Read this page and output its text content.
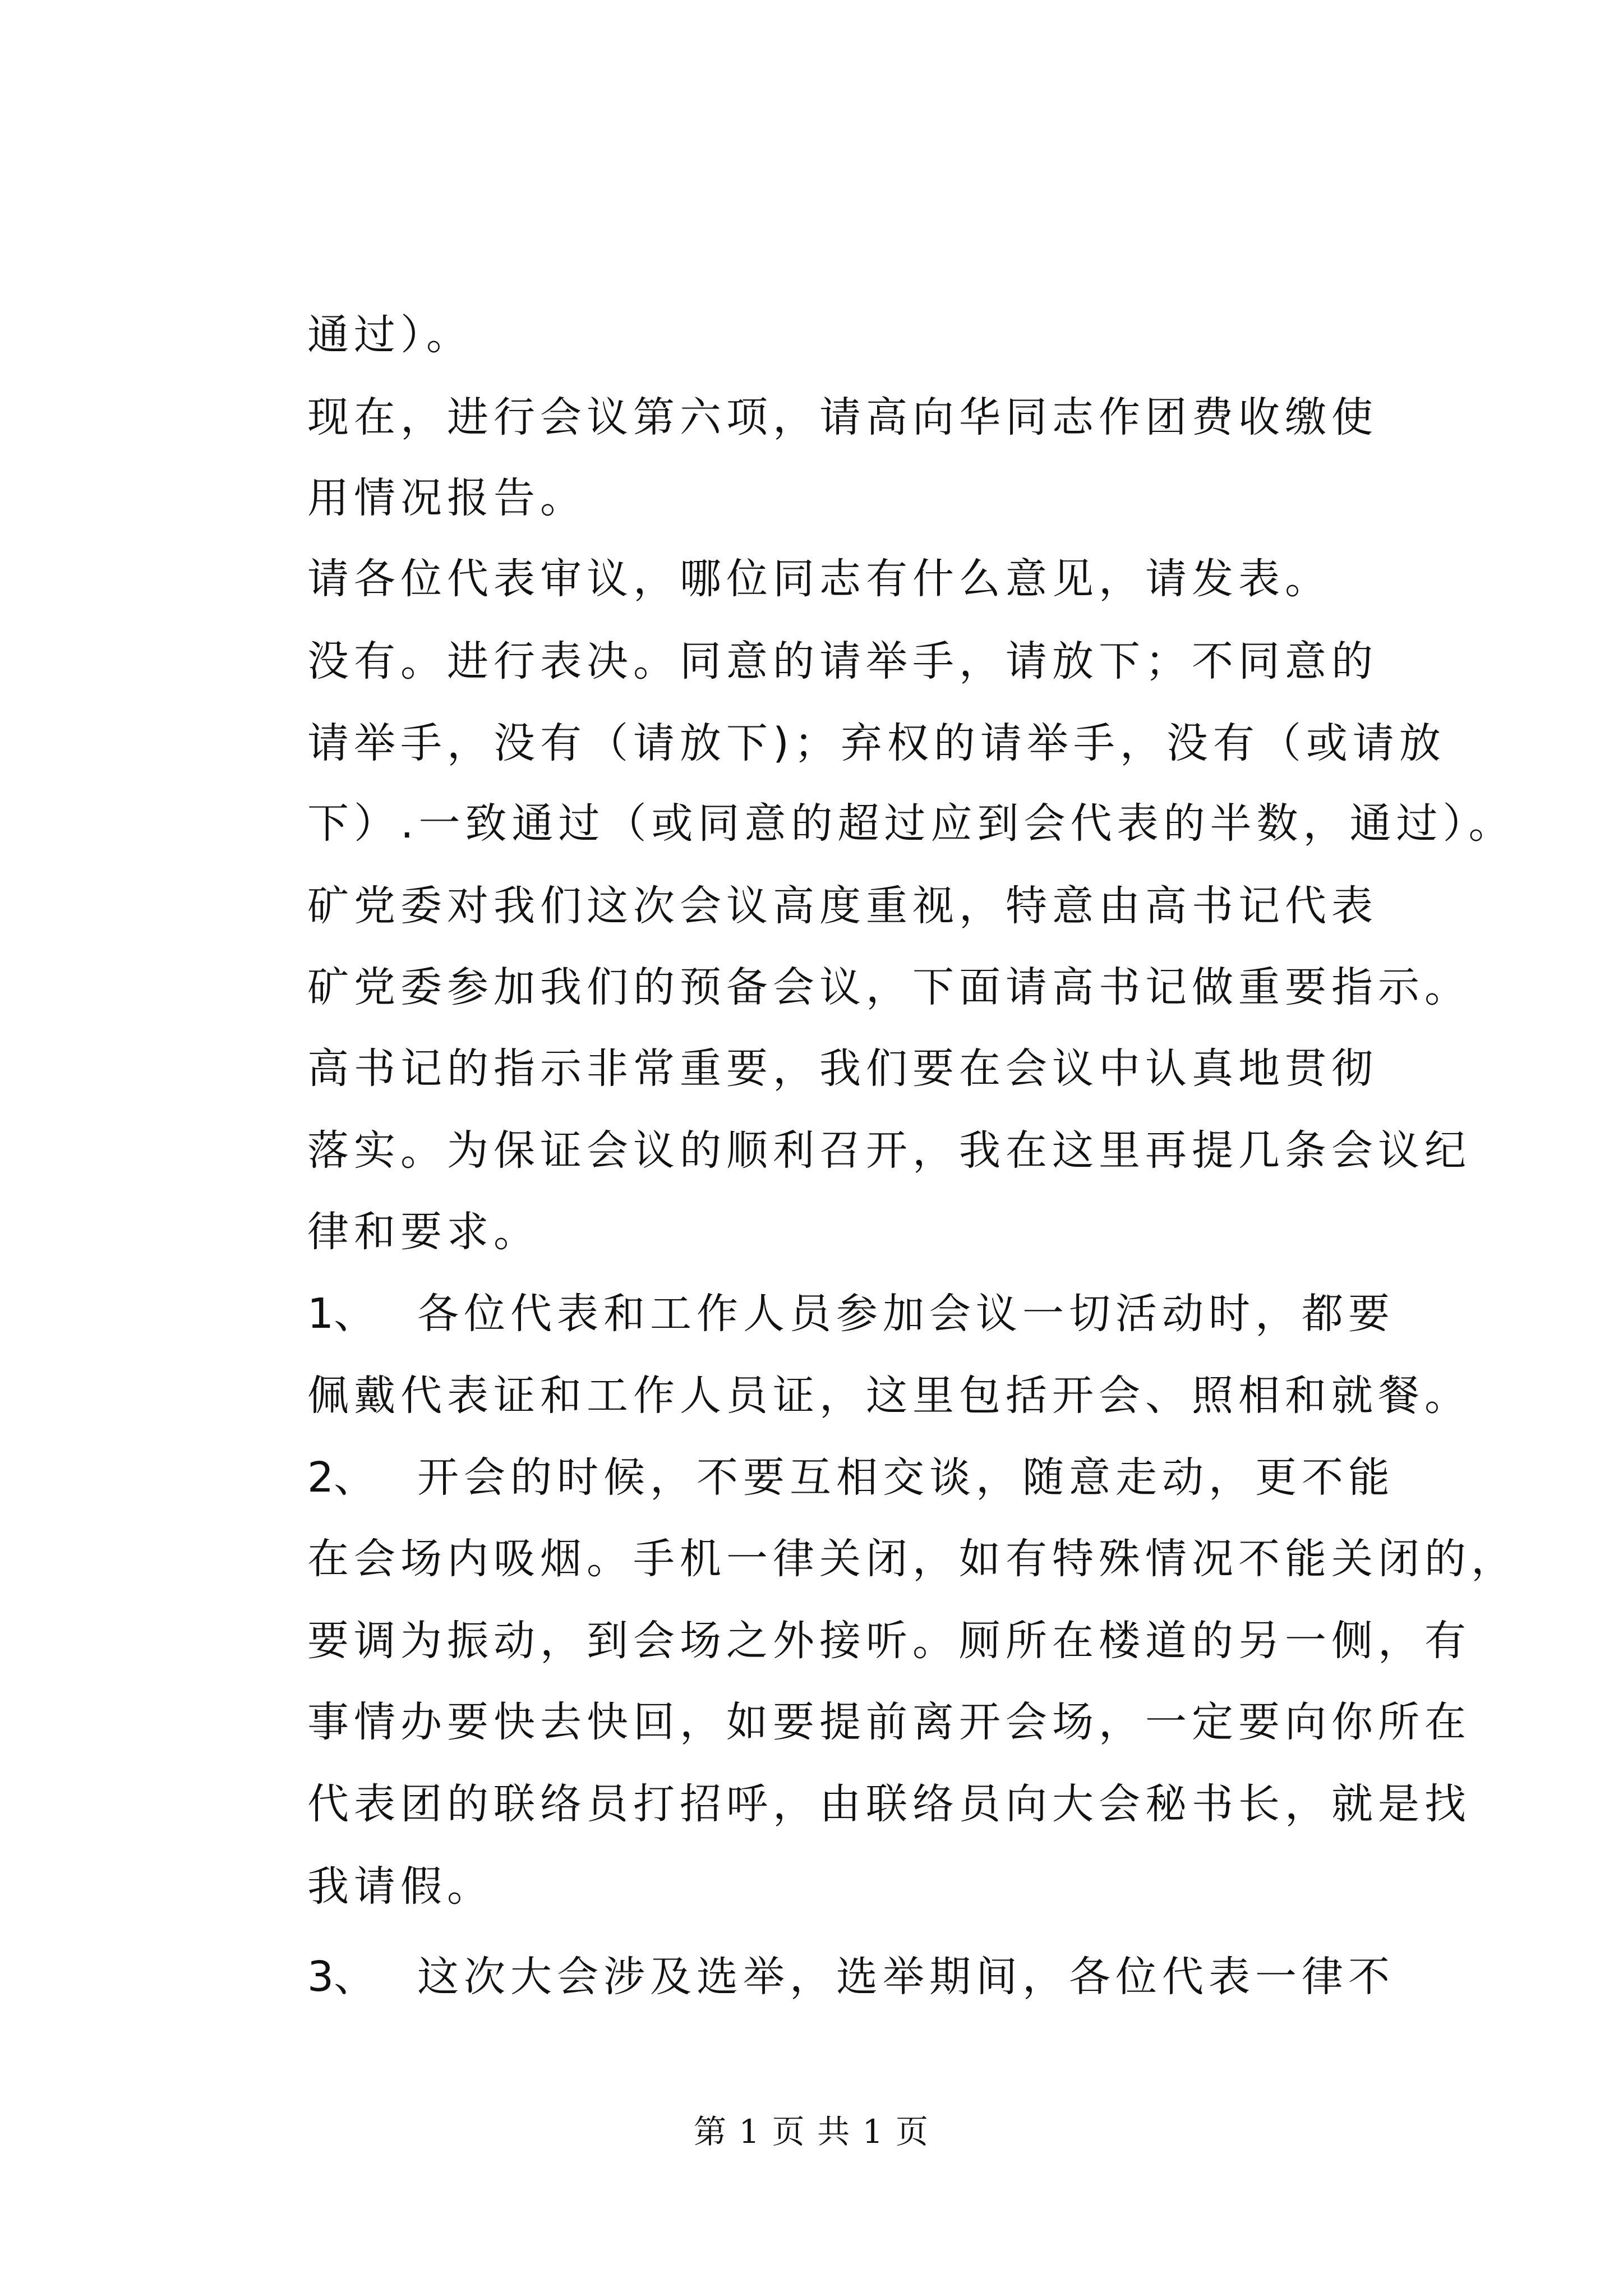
通过）。
现在，进行会议第六项，请高向华同志作团费收缴使
用情况报告。
请各位代表审议，哪位同志有什么意见，请发表。
没有。进行表决。同意的请举手，请放下；不同意的
请举手，没有（请放下)；弃权的请举手，没有（或请放
下）.一致通过（或同意的超过应到会代表的半数，通过）。
矿党委对我们这次会议高度重视，特意由高书记代表
矿党委参加我们的预备会议，下面请高书记做重要指示。
高书记的指示非常重要，我们要在会议中认真地贯彻
落实。为保证会议的顺利召开，我在这里再提几条会议纪
律和要求。
1、 各位代表和工作人员参加会议一切活动时，都要
佩戴代表证和工作人员证，这里包括开会、照相和就餐。
2、 开会的时候，不要互相交谈，随意走动，更不能
在会场内吸烟。手机一律关闭，如有特殊情况不能关闭的，
要调为振动，到会场之外接听。厕所在楼道的另一侧，有
事情办要快去快回，如要提前离开会场，一定要向你所在
代表团的联络员打招呼，由联络员向大会秘书长，就是找
我请假。
3、 这次大会涉及选举，选举期间，各位代表一律不
第 1 页 共 1 页
